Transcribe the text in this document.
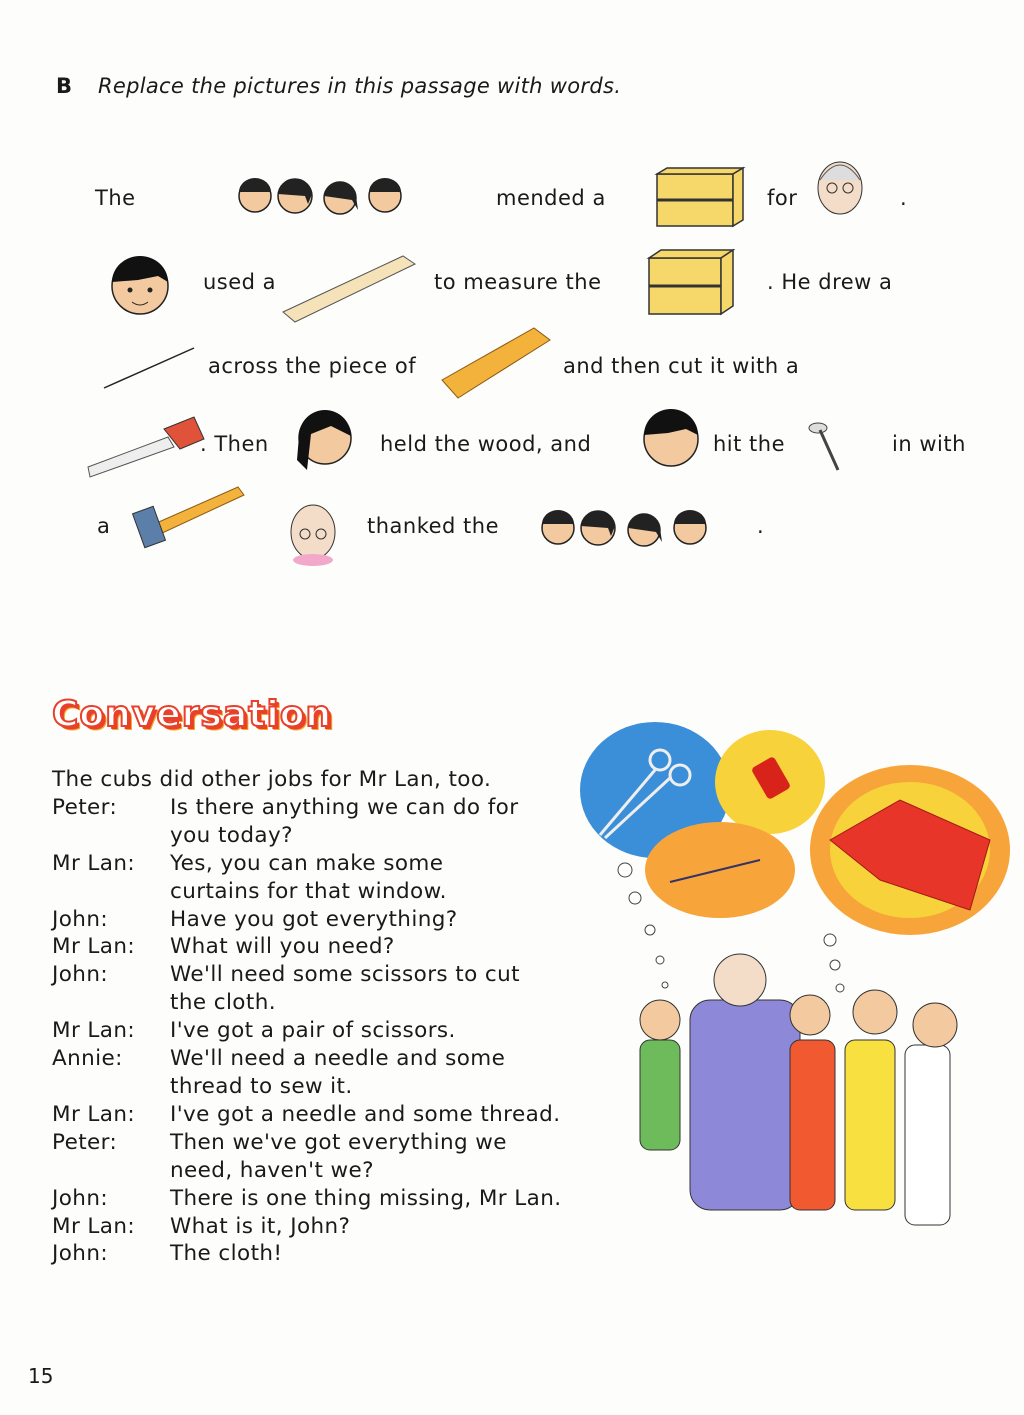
B Replace the pictures in this passage with words.
The	mended a	for	.
used a	to measure the	. He drew a
across the piece of	and then cut it with a
. Then	held the wood, and	hit the	in with
a	thanked the	.
Conversation
The cubs did other jobs for Mr Lan, too.
Peter:	Is there anything we can do for
you today?
Mr Lan:	Yes, you can make some
curtains for that window.
John:	Have you got everything?
Mr Lan:	What will you need?
John:	We'll need some scissors to cut
the cloth.
Mr Lan:	I've got a pair of scissors.
Annie:	We'll need a needle and some
thread to sew it.
Mr Lan:	I've got a needle and some thread.
Peter:	Then we've got everything we
need, haven't we?
John:	There is one thing missing, Mr Lan.
Mr Lan:	What is it, John?
John:	The cloth!
15
